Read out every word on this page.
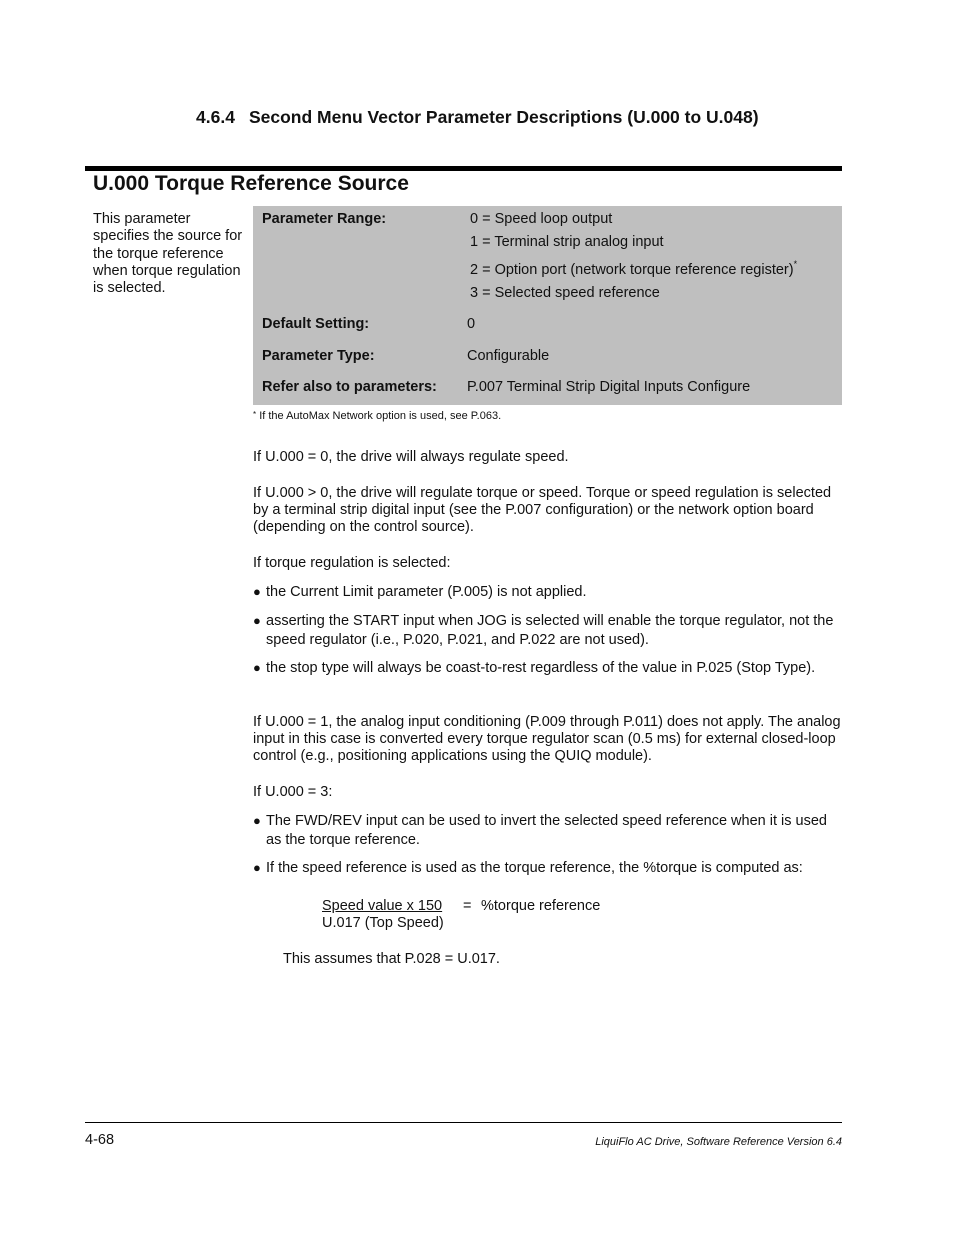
4.6.4 Second Menu Vector Parameter Descriptions (U.000 to U.048)
U.000 Torque Reference Source
This parameter specifies the source for the torque reference when torque regulation is selected.
Parameter Range:	0 = Speed loop output
1 = Terminal strip analog input
2 = Option port (network torque reference register)*
3 = Selected speed reference
Default Setting:	0
Parameter Type:	Configurable
Refer also to parameters: P.007 Terminal Strip Digital Inputs Configure
* If the AutoMax Network option is used, see P.063.
If U.000 = 0, the drive will always regulate speed.
If U.000 > 0, the drive will regulate torque or speed. Torque or speed regulation is selected by a terminal strip digital input (see the P.007 configuration) or the network option board (depending on the control source).
If torque regulation is selected:
● the Current Limit parameter (P.005) is not applied.
● asserting the START input when JOG is selected will enable the torque regulator, not the speed regulator (i.e., P.020, P.021, and P.022 are not used).
● the stop type will always be coast-to-rest regardless of the value in P.025 (Stop Type).
If U.000 = 1, the analog input conditioning (P.009 through P.011) does not apply. The analog input in this case is converted every torque regulator scan (0.5 ms) for external closed-loop control (e.g., positioning applications using the QUIQ module).
If U.000 = 3:
● The FWD/REV input can be used to invert the selected speed reference when it is used as the torque reference.
● If the speed reference is used as the torque reference, the %torque is computed as:
Speed value x 150 = %torque reference
U.017 (Top Speed)
This assumes that P.028 = U.017.
4-68	LiquiFlo AC Drive, Software Reference Version 6.4
